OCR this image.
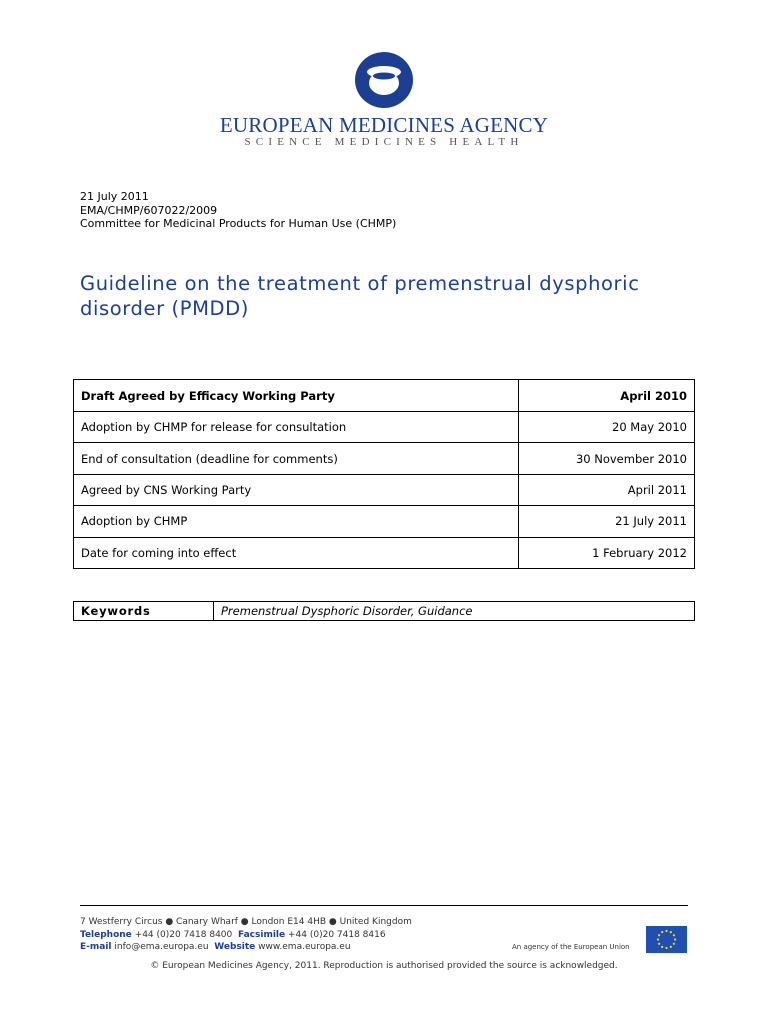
EUROPEAN MEDICINES AGENCY
SCIENCE MEDICINES HEALTH
21 July 2011
EMA/CHMP/607022/2009
Committee for Medicinal Products for Human Use (CHMP)
Guideline on the treatment of premenstrual dysphoric disorder (PMDD)
Draft Agreed by Efficacy Working Party	April 2010
Adoption by CHMP for release for consultation	20 May 2010
End of consultation (deadline for comments)	30 November 2010
Agreed by CNS Working Party	April 2011
Adoption by CHMP	21 July 2011
Date for coming into effect	1 February 2012
Keywords	Premenstrual Dysphoric Disorder, Guidance
7 Westferry Circus ● Canary Wharf ● London E14 4HB ● United Kingdom
Telephone +44 (0)20 7418 8400 Facsimile +44 (0)20 7418 8416
E-mail info@ema.europa.eu Website www.ema.europa.eu	An agency of the European Union
© European Medicines Agency, 2011. Reproduction is authorised provided the source is acknowledged.
